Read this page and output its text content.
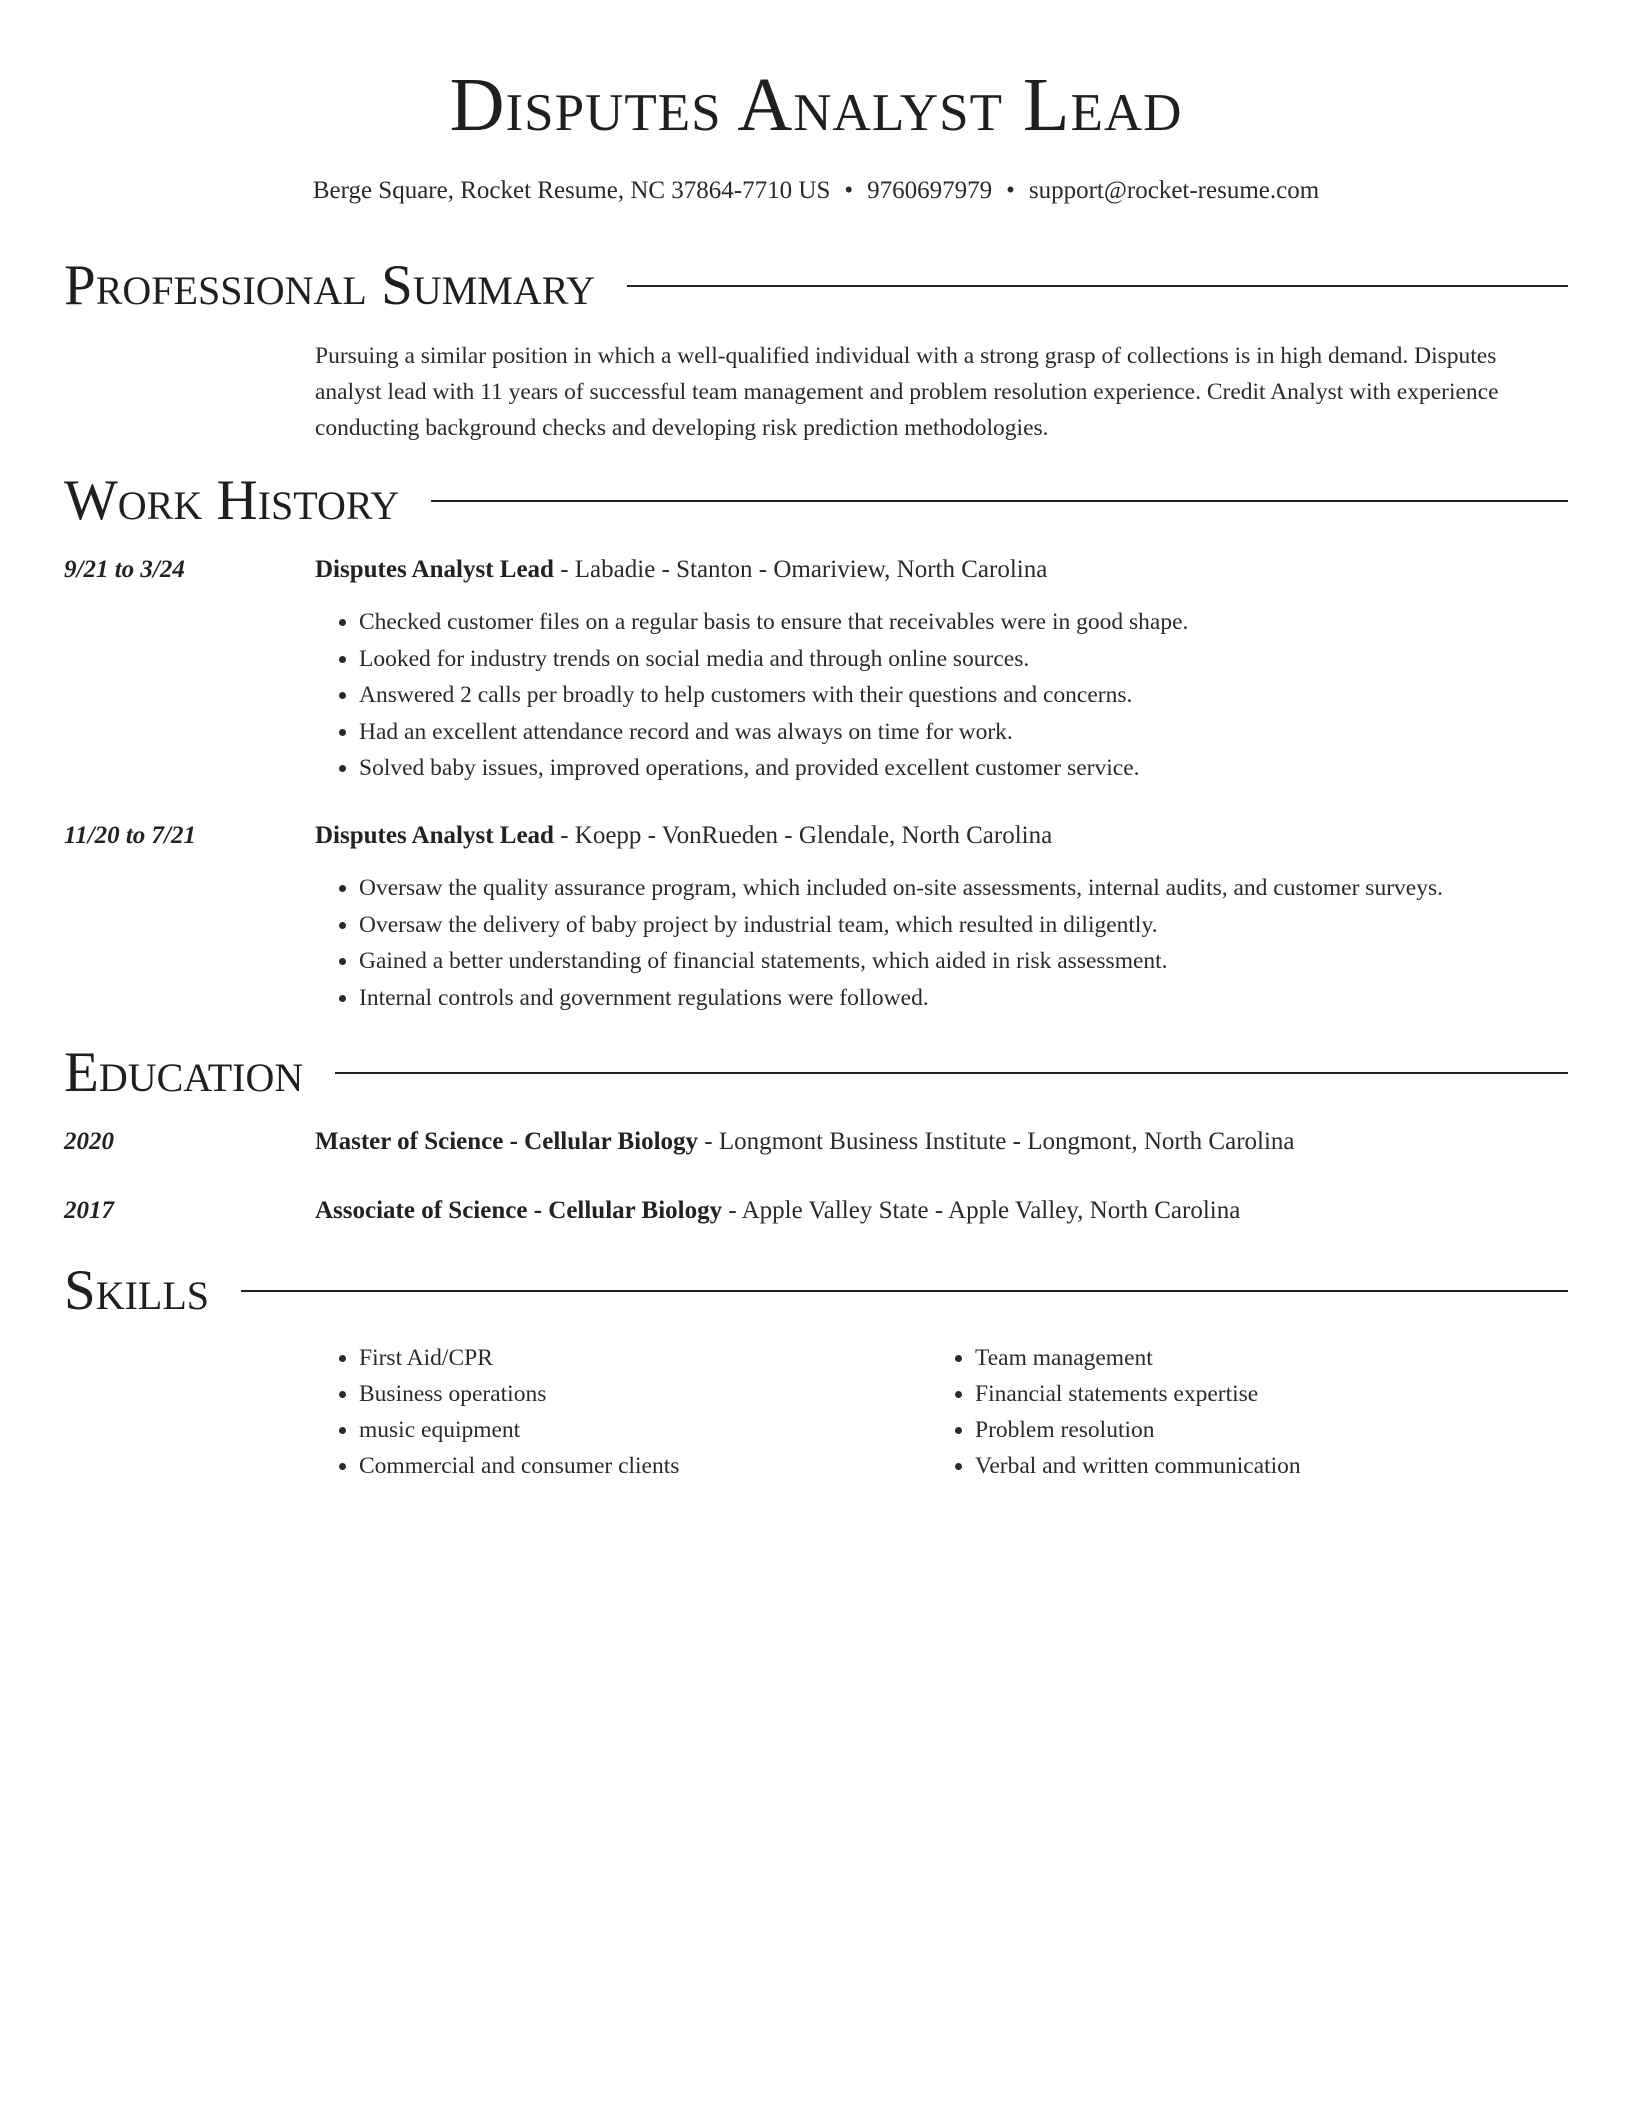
Disputes Analyst Lead
Berge Square, Rocket Resume, NC 37864-7710 US • 9760697979 • support@rocket-resume.com
Professional Summary
Pursuing a similar position in which a well-qualified individual with a strong grasp of collections is in high demand. Disputes analyst lead with 11 years of successful team management and problem resolution experience. Credit Analyst with experience conducting background checks and developing risk prediction methodologies.
Work History
9/21 to 3/24	Disputes Analyst Lead - Labadie - Stanton - Omariview, North Carolina
• Checked customer files on a regular basis to ensure that receivables were in good shape.
• Looked for industry trends on social media and through online sources.
• Answered 2 calls per broadly to help customers with their questions and concerns.
• Had an excellent attendance record and was always on time for work.
• Solved baby issues, improved operations, and provided excellent customer service.
11/20 to 7/21	Disputes Analyst Lead - Koepp - VonRueden - Glendale, North Carolina
• Oversaw the quality assurance program, which included on-site assessments, internal audits, and customer surveys.
• Oversaw the delivery of baby project by industrial team, which resulted in diligently.
• Gained a better understanding of financial statements, which aided in risk assessment.
• Internal controls and government regulations were followed.
Education
2020	Master of Science - Cellular Biology - Longmont Business Institute - Longmont, North Carolina
2017	Associate of Science - Cellular Biology - Apple Valley State - Apple Valley, North Carolina
Skills
• First Aid/CPR
• Business operations
• music equipment
• Commercial and consumer clients
• Team management
• Financial statements expertise
• Problem resolution
• Verbal and written communication
